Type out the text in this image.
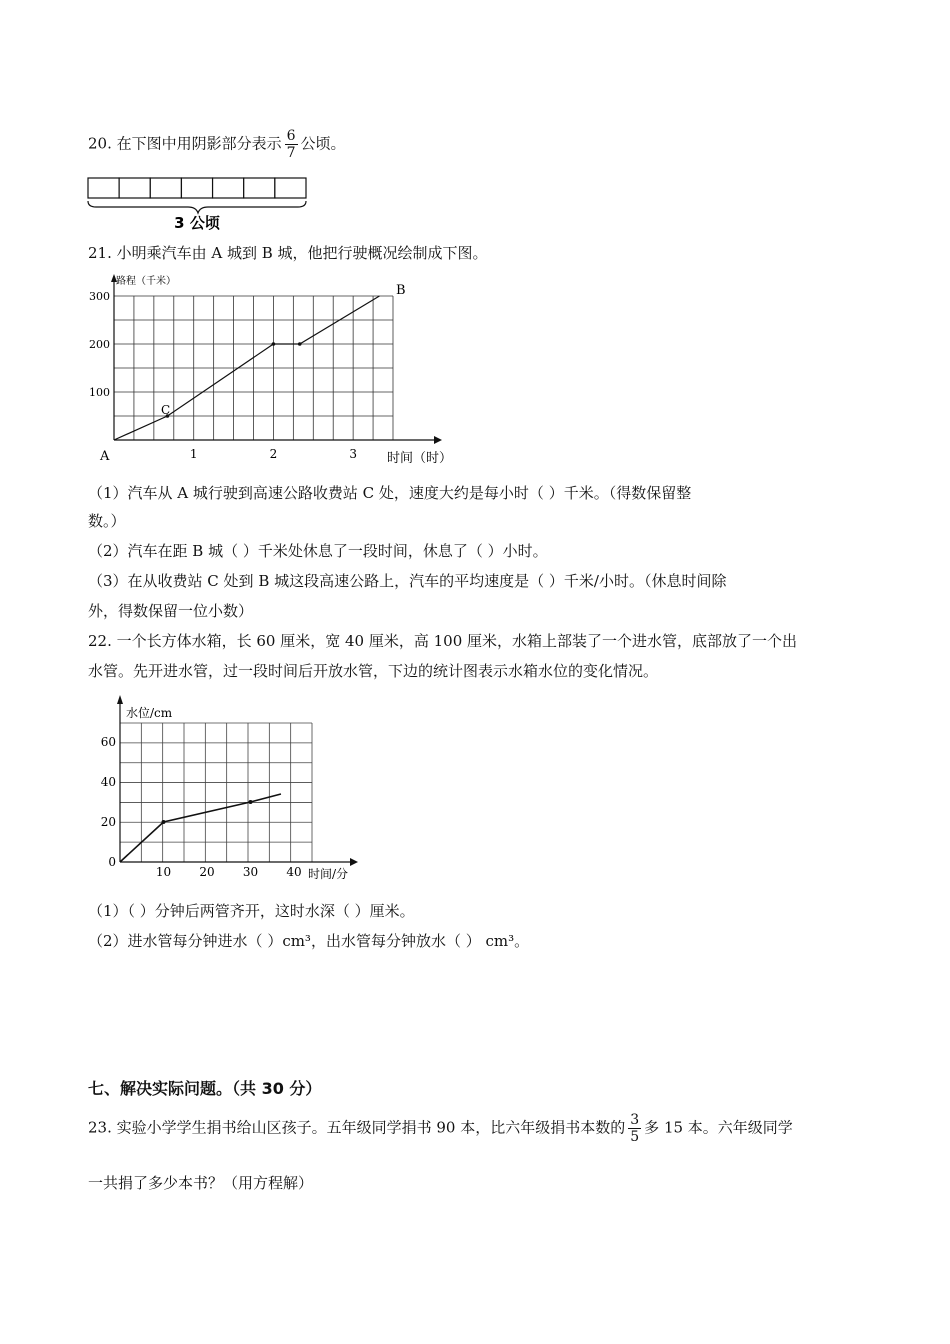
20. 在下图中用阴影部分表示 $\frac{6}{7}$ 公顷。
3 公顷
21. 小明乘汽车由 A 城到 B 城，他把行驶概况绘制成下图。
1	2	3
100
200
300
路程（千米）
时间（时）
A
B
C
（1）汽车从 A 城行驶到高速公路收费站 C 处，速度大约是每小时（ ）千米。（得数保留整
数。）
（2）汽车在距 B 城（ ）千米处休息了一段时间，休息了（ ）小时。
（3）在从收费站 C 处到 B 城这段高速公路上，汽车的平均速度是（ ）千米/小时。（休息时间除
外，得数保留一位小数）
22. 一个长方体水箱，长 60 厘米，宽 40 厘米，高 100 厘米，水箱上部装了一个进水管，底部放了一个出
水管。先开进水管，过一段时间后开放水管，下边的统计图表示水箱水位的变化情况。
10 20 30 40
0
20
40
60
水位/cm
时间/分
（1）（ ）分钟后两管齐开，这时水深（ ）厘米。
（2）进水管每分钟进水（ ）cm³，出水管每分钟放水（ ） cm³。
七、解决实际问题。（共 30 分）
23. 实验小学学生捐书给山区孩子。五年级同学捐书 90 本，比六年级捐书本数的 $\frac{3}{5}$ 多 15 本。六年级同学
一共捐了多少本书？（用方程解）
